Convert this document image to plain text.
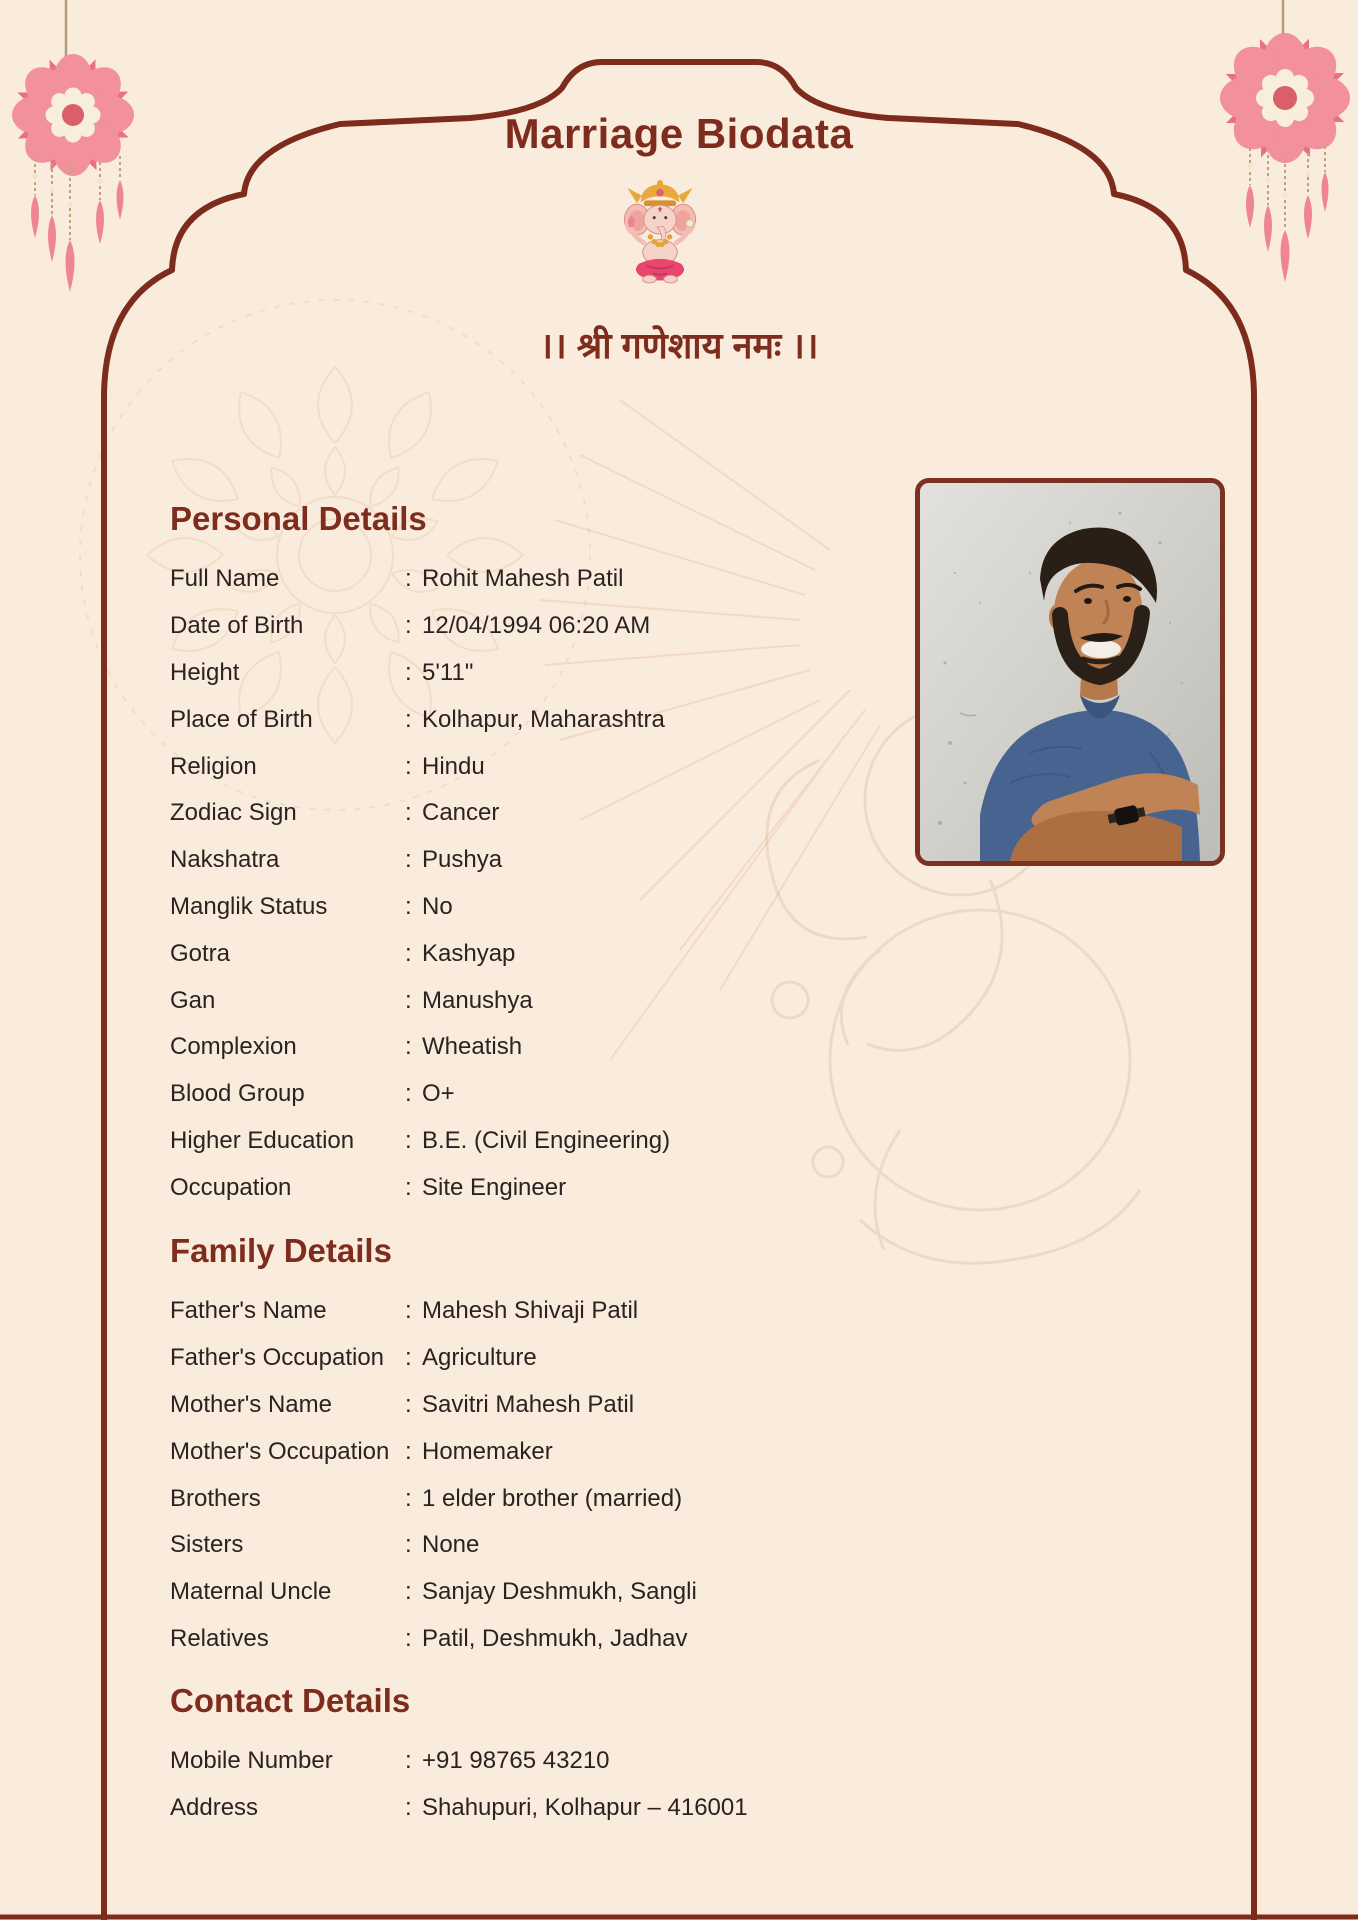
Marriage Biodata

।। श्री गणेशाय नमः ।।

Personal Details
Full Name	: Rohit Mahesh Patil
Date of Birth	: 12/04/1994 06:20 AM
Height	: 5'11"
Place of Birth	: Kolhapur, Maharashtra
Religion	: Hindu
Zodiac Sign	: Cancer
Nakshatra	: Pushya
Manglik Status	: No
Gotra	: Kashyap
Gan	: Manushya
Complexion	: Wheatish
Blood Group	: O+
Higher Education	: B.E. (Civil Engineering)
Occupation	: Site Engineer
Family Details
Father's Name	: Mahesh Shivaji Patil
Father's Occupation : Agriculture
Mother's Name	: Savitri Mahesh Patil
Mother's Occupation : Homemaker
Brothers	: 1 elder brother (married)
Sisters	: None
Maternal Uncle	: Sanjay Deshmukh, Sangli
Relatives	: Patil, Deshmukh, Jadhav
Contact Details
Mobile Number	: +91 98765 43210
Address	: Shahupuri, Kolhapur – 416001
